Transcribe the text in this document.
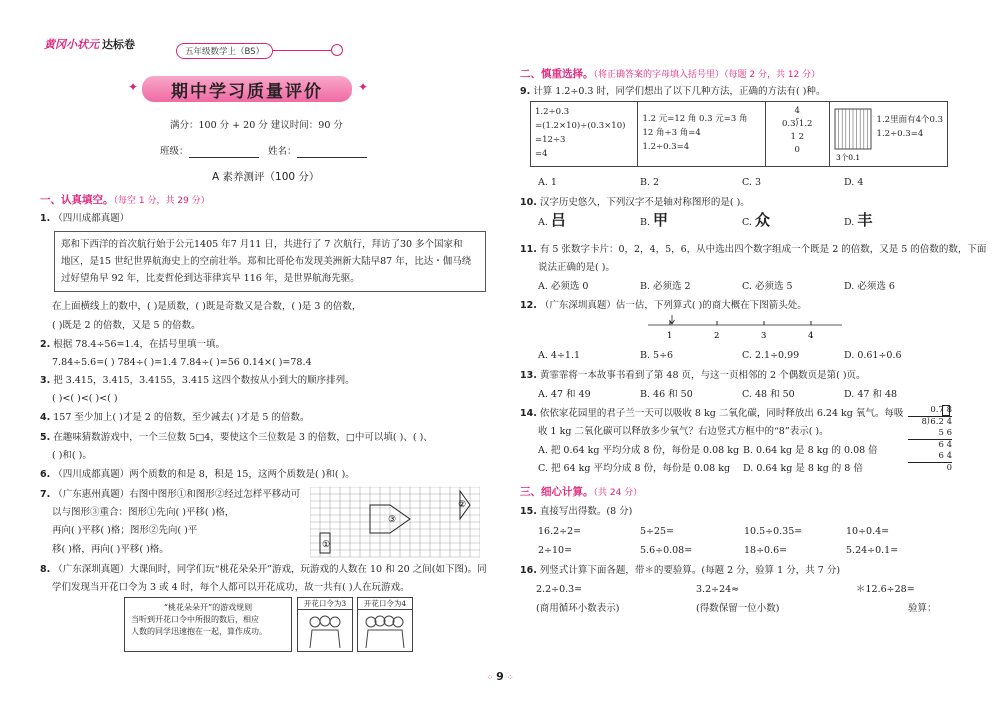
黄冈小状元 达标卷
五年级数学上（BS）
期中学习质量评价
✦	✦
满分：100 分 + 20 分 建议时间：90 分
班级：	姓名：
A 素养测评（100 分）
一、认真填空。（每空 1 分，共 29 分）
1. （四川成都真题）
郑和下西洋的首次航行始于公元1405 年7 月11 日，共进行了 7 次航行，拜访了30 多个国家和
地区，是15 世纪世界航海史上的空前壮举。郑和比哥伦布发现美洲新大陆早87 年，比达・伽马绕
过好望角早 92 年，比麦哲伦到达菲律宾早 116 年，是世界航海先驱。
在上面横线上的数中，( )是质数，( )既是奇数又是合数，( )是 3 的倍数，
( )既是 2 的倍数，又是 5 的倍数。
2. 根据 78.4÷56=1.4，在括号里填一填。
7.84÷5.6=( ) 784÷( )=1.4 7.84÷( )=56 0.14×( )=78.4
3. 把 3.415̇，3.4̇15̇，3.4155，3.415̇ 这四个数按从小到大的顺序排列。
( )<( )<( )<( )
4. 157 至少加上( )才是 2 的倍数，至少减去( )才是 5 的倍数。
5. 在趣味猜数游戏中，一个三位数 5□4，要使这个三位数是 3 的倍数，□中可以填( )、( )、
( )和( )。
6. （四川成都真题）两个质数的和是 8，积是 15，这两个质数是( )和( )。
7. （广东惠州真题）右图中图形①和图形②经过怎样平移动可
以与图形③重合：图形①先向( )平移( )格，
再向( )平移( )格；图形②先向( )平
移( )格，再向( )平移( )格。	①
③
②
8. （广东深圳真题）大课间时，同学们玩“桃花朵朵开”游戏，玩游戏的人数在 10 和 20 之间(如下图)。同
学们发现当开花口令为 3 或 4 时，每个人都可以开花成功，故一共有( )人在玩游戏。
“桃花朵朵开”的游戏规则
当听到开花口令中所报的数后，相应
人数的同学迅速抱在一起，算作成功。
开花口令为3	开花口令为4
二、慎重选择。（将正确答案的字母填入括号里）（每题 2 分，共 12 分）
9. 计算 1.2÷0.3 时，同学们想出了以下几种方法，正确的方法有( )种。
1.2÷0.3
=(1.2×10)÷(0.3×10)
=12÷3
=4
1.2 元=12 角 0.3 元=3 角
12 角÷3 角=4
1.2÷0.3=4
4
0.3⟌1.2
1 2
0
3个0.1
1.2里面有4个0.3
1.2÷0.3=4
A. 1	B. 2	C. 3	D. 4
10. 汉字历史悠久，下列汉字不是轴对称图形的是( )。
A. 吕	B. 甲	C. 众	D. 丰
11. 有 5 张数字卡片：0，2，4，5，6，从中选出四个数字组成一个既是 2 的倍数，又是 5 的倍数的数，下面
说法正确的是( )。
A. 必须选 0	B. 必须选 2	C. 必须选 5	D. 必须选 6
12. （广东深圳真题）估一估，下列算式( )的商大概在下图箭头处。
1	2	3	4
A. 4÷1.1	B. 5÷6	C. 2.1÷0.99	D. 0.61÷0.6
13. 黄霏霏将一本故事书看到了第 48 页，与这一页相邻的 2 个偶数页是第( )页。
A. 47 和 49	B. 46 和 50	C. 48 和 50	D. 47 和 48
14. 依依家花园里的君子兰一天可以吸收 8 kg 二氧化碳，同时释放出 6.24 kg 氧气。每吸
收 1 kg 二氧化碳可以释放多少氧气？右边竖式方框中的“8”表示( )。
A. 把 0.64 kg 平均分成 8 份，每份是 0.08 kg B. 0.64 kg 是 8 kg 的 0.08 倍
C. 把 64 kg 平均分成 8 份，每份是 0.08 kg D. 0.64 kg 是 8 kg 的 8 倍
0.7 8
8⟌6.2 4
5 6
6 4
6 4
0
三、细心计算。（共 24 分）
15. 直接写出得数。(8 分)
16.2÷2=	5÷25=	10.5÷0.35=	10÷0.4=
2÷10=	5.6÷0.08=	18÷0.6=	5.24÷0.1=
16. 列竖式计算下面各题，带＊的要验算。(每题 2 分，验算 1 分，共 7 分)
2.2÷0.3=	3.2÷24≈	＊12.6÷28=
(商用循环小数表示)	(得数保留一位小数)	验算：
⁘ 9 ⁘
